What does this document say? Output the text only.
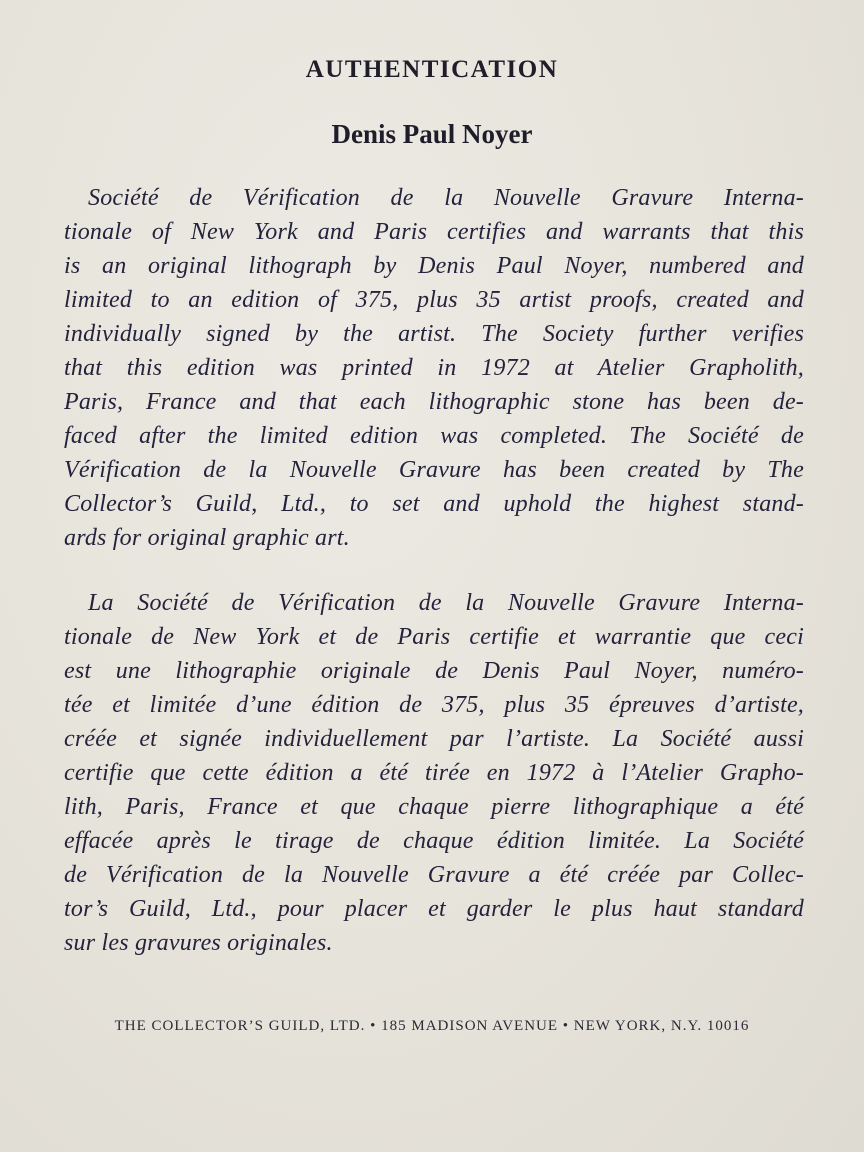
AUTHENTICATION
Denis Paul Noyer
Société de Vérification de la Nouvelle Gravure Interna-
tionale of New York and Paris certifies and warrants that this
is an original lithograph by Denis Paul Noyer, numbered and
limited to an edition of 375, plus 35 artist proofs, created and
individually signed by the artist. The Society further verifies
that this edition was printed in 1972 at Atelier Grapholith,
Paris, France and that each lithographic stone has been de-
faced after the limited edition was completed. The Société de
Vérification de la Nouvelle Gravure has been created by The
Collector’s Guild, Ltd., to set and uphold the highest stand-
ards for original graphic art.
La Société de Vérification de la Nouvelle Gravure Interna-
tionale de New York et de Paris certifie et warrantie que ceci
est une lithographie originale de Denis Paul Noyer, numéro-
tée et limitée d’une édition de 375, plus 35 épreuves d’artiste,
créée et signée individuellement par l’artiste. La Société aussi
certifie que cette édition a été tirée en 1972 à l’Atelier Grapho-
lith, Paris, France et que chaque pierre lithographique a été
effacée après le tirage de chaque édition limitée. La Société
de Vérification de la Nouvelle Gravure a été créée par Collec-
tor’s Guild, Ltd., pour placer et garder le plus haut standard
sur les gravures originales.
THE COLLECTOR’S GUILD, LTD. • 185 MADISON AVENUE • NEW YORK, N.Y. 10016
